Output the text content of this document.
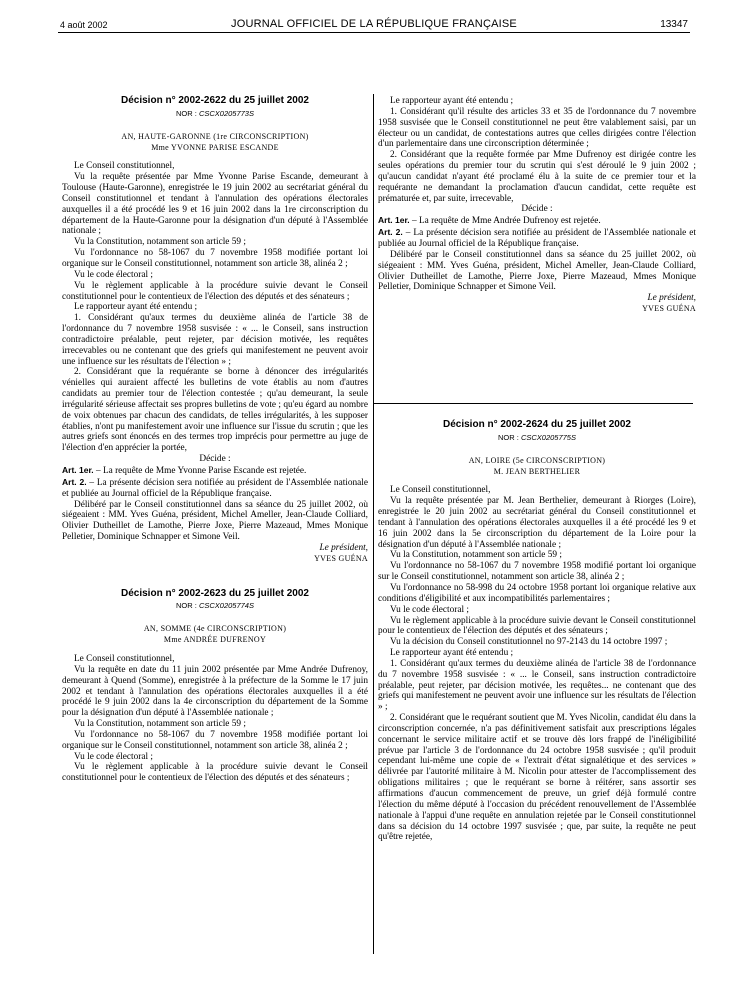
4 août 2002	JOURNAL OFFICIEL DE LA RÉPUBLIQUE FRANÇAISE	13347

Décision n° 2002-2622 du 25 juillet 2002

NOR : CSCX0205773S

AN, HAUTE-GARONNE (1re CIRCONSCRIPTION)

Mme YVONNE PARISE ESCANDE

Le Conseil constitutionnel,

Vu la requête présentée par Mme Yvonne Parise Escande, demeurant à Toulouse (Haute-Garonne), enregistrée le 19 juin 2002 au secrétariat général du Conseil constitutionnel et tendant à l'annulation des opérations électorales auxquelles il a été procédé les 9 et 16 juin 2002 dans la 1re circonscription du département de la Haute-Garonne pour la désignation d'un député à l'Assemblée nationale ;

Vu la Constitution, notamment son article 59 ;

Vu l'ordonnance no 58-1067 du 7 novembre 1958 modifiée portant loi organique sur le Conseil constitutionnel, notamment son article 38, alinéa 2 ;

Vu le code électoral ;

Vu le règlement applicable à la procédure suivie devant le Conseil constitutionnel pour le contentieux de l'élection des députés et des sénateurs ;

Le rapporteur ayant été entendu ;

1. Considérant qu'aux termes du deuxième alinéa de l'article 38 de l'ordonnance du 7 novembre 1958 susvisée : « ... le Conseil, sans instruction contradictoire préalable, peut rejeter, par décision motivée, les requêtes irrecevables ou ne contenant que des griefs qui manifestement ne peuvent avoir une influence sur les résultats de l'élection » ;

2. Considérant que la requérante se borne à dénoncer des irrégularités vénielles qui auraient affecté les bulletins de vote établis au nom d'autres candidats au premier tour de l'élection contestée ; qu'au demeurant, la seule irrégularité sérieuse affectait ses propres bulletins de vote ; qu'eu égard au nombre de voix obtenues par chacun des candidats, de telles irrégularités, à les supposer établies, n'ont pu manifestement avoir une influence sur l'issue du scrutin ; que les autres griefs sont énoncés en des termes trop imprécis pour permettre au juge de l'élection d'en apprécier la portée,

Décide :

Art. 1er. – La requête de Mme Yvonne Parise Escande est rejetée.

Art. 2. – La présente décision sera notifiée au président de l'Assemblée nationale et publiée au Journal officiel de la République française.

Délibéré par le Conseil constitutionnel dans sa séance du 25 juillet 2002, où siégeaient : MM. Yves Guéna, président, Michel Ameller, Jean-Claude Colliard, Olivier Dutheillet de Lamothe, Pierre Joxe, Pierre Mazeaud, Mmes Monique Pelletier, Dominique Schnapper et Simone Veil.

Le président,

YVES GUÉNA

Décision n° 2002-2623 du 25 juillet 2002

NOR : CSCX0205774S

AN, SOMME (4e CIRCONSCRIPTION)

Mme ANDRÉE DUFRENOY

Le Conseil constitutionnel,

Vu la requête en date du 11 juin 2002 présentée par Mme Andrée Dufrenoy, demeurant à Quend (Somme), enregistrée à la préfecture de la Somme le 17 juin 2002 et tendant à l'annulation des opérations électorales auxquelles il a été procédé le 9 juin 2002 dans la 4e circonscription du département de la Somme pour la désignation d'un député à l'Assemblée nationale ;

Vu la Constitution, notamment son article 59 ;

Vu l'ordonnance no 58-1067 du 7 novembre 1958 modifiée portant loi organique sur le Conseil constitutionnel, notamment son article 38, alinéa 2 ;

Vu le code électoral ;

Vu le règlement applicable à la procédure suivie devant le Conseil constitutionnel pour le contentieux de l'élection des députés et des sénateurs ;

Le rapporteur ayant été entendu ;

1. Considérant qu'il résulte des articles 33 et 35 de l'ordonnance du 7 novembre 1958 susvisée que le Conseil constitutionnel ne peut être valablement saisi, par un électeur ou un candidat, de contestations autres que celles dirigées contre l'élection d'un parlementaire dans une circonscription déterminée ;

2. Considérant que la requête formée par Mme Dufrenoy est dirigée contre les seules opérations du premier tour du scrutin qui s'est déroulé le 9 juin 2002 ; qu'aucun candidat n'ayant été proclamé élu à la suite de ce premier tour et la requérante ne demandant la proclamation d'aucun candidat, cette requête est prématurée et, par suite, irrecevable,

Décide :

Art. 1er. – La requête de Mme Andrée Dufrenoy est rejetée.

Art. 2. – La présente décision sera notifiée au président de l'Assemblée nationale et publiée au Journal officiel de la République française.

Délibéré par le Conseil constitutionnel dans sa séance du 25 juillet 2002, où siégeaient : MM. Yves Guéna, président, Michel Ameller, Jean-Claude Colliard, Olivier Dutheillet de Lamothe, Pierre Joxe, Pierre Mazeaud, Mmes Monique Pelletier, Dominique Schnapper et Simone Veil.

Le président,

YVES GUÉNA

Décision n° 2002-2624 du 25 juillet 2002

NOR : CSCX0205775S

AN, LOIRE (5e CIRCONSCRIPTION)

M. JEAN BERTHELIER

Le Conseil constitutionnel,

Vu la requête présentée par M. Jean Berthelier, demeurant à Riorges (Loire), enregistrée le 20 juin 2002 au secrétariat général du Conseil constitutionnel et tendant à l'annulation des opérations électorales auxquelles il a été procédé les 9 et 16 juin 2002 dans la 5e circonscription du département de la Loire pour la désignation d'un député à l'Assemblée nationale ;

Vu la Constitution, notamment son article 59 ;

Vu l'ordonnance no 58-1067 du 7 novembre 1958 modifié portant loi organique sur le Conseil constitutionnel, notamment son article 38, alinéa 2 ;

Vu l'ordonnance no 58-998 du 24 octobre 1958 portant loi organique relative aux conditions d'éligibilité et aux incompatibilités parlementaires ;

Vu le code électoral ;

Vu le règlement applicable à la procédure suivie devant le Conseil constitutionnel pour le contentieux de l'élection des députés et des sénateurs ;

Vu la décision du Conseil constitutionnel no 97-2143 du 14 octobre 1997 ;

Le rapporteur ayant été entendu ;

1. Considérant qu'aux termes du deuxième alinéa de l'article 38 de l'ordonnance du 7 novembre 1958 susvisée : « ... le Conseil, sans instruction contradictoire préalable, peut rejeter, par décision motivée, les requêtes... ne contenant que des griefs qui manifestement ne peuvent avoir une influence sur les résultats de l'élection » ;

2. Considérant que le requérant soutient que M. Yves Nicolin, candidat élu dans la circonscription concernée, n'a pas définitivement satisfait aux prescriptions légales concernant le service militaire actif et se trouve dès lors frappé de l'inéligibilité prévue par l'article 3 de l'ordonnance du 24 octobre 1958 susvisée ; qu'il produit cependant lui-même une copie de « l'extrait d'état signalétique et des services » délivrée par l'autorité militaire à M. Nicolin pour attester de l'accomplissement des obligations militaires ; que le requérant se borne à réitérer, sans assortir ses affirmations d'aucun commencement de preuve, un grief déjà formulé contre l'élection du même député à l'occasion du précédent renouvellement de l'Assemblée nationale à l'appui d'une requête en annulation rejetée par le Conseil constitutionnel dans sa décision du 14 octobre 1997 susvisée ; que, par suite, la requête ne peut qu'être rejetée,
